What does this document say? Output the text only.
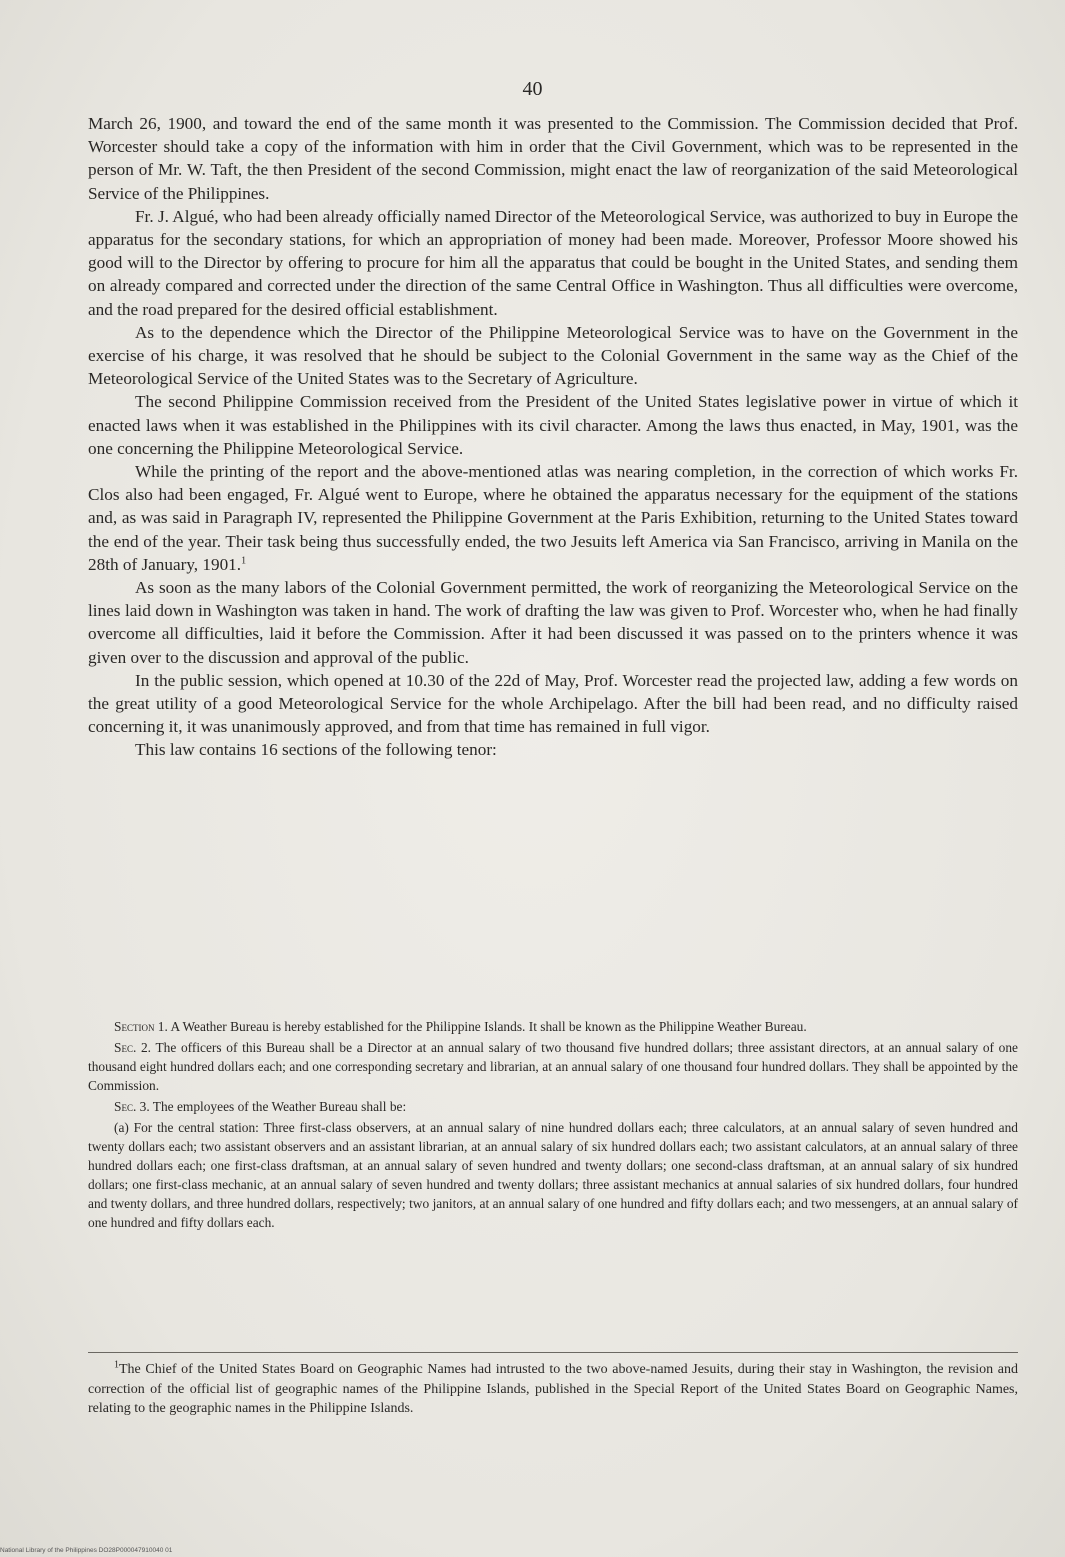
40

March 26, 1900, and toward the end of the same month it was presented to the Commission. The Commission decided that Prof. Worcester should take a copy of the information with him in order that the Civil Government, which was to be represented in the person of Mr. W. Taft, the then President of the second Commission, might enact the law of reorganization of the said Meteorological Service of the Philippines.

Fr. J. Algué, who had been already officially named Director of the Meteorological Service, was authorized to buy in Europe the apparatus for the secondary stations, for which an appropriation of money had been made. Moreover, Professor Moore showed his good will to the Director by offering to procure for him all the apparatus that could be bought in the United States, and sending them on already compared and corrected under the direction of the same Central Office in Washington. Thus all difficulties were overcome, and the road prepared for the desired official establishment.

As to the dependence which the Director of the Philippine Meteorological Service was to have on the Government in the exercise of his charge, it was resolved that he should be subject to the Colonial Government in the same way as the Chief of the Meteorological Service of the United States was to the Secretary of Agriculture.

The second Philippine Commission received from the President of the United States legislative power in virtue of which it enacted laws when it was established in the Philippines with its civil character. Among the laws thus enacted, in May, 1901, was the one concerning the Philippine Meteorological Service.

While the printing of the report and the above-mentioned atlas was nearing completion, in the correction of which works Fr. Clos also had been engaged, Fr. Algué went to Europe, where he obtained the apparatus necessary for the equipment of the stations and, as was said in Paragraph IV, represented the Philippine Government at the Paris Exhibition, returning to the United States toward the end of the year. Their task being thus successfully ended, the two Jesuits left America via San Francisco, arriving in Manila on the 28th of January, 1901.$^1$

As soon as the many labors of the Colonial Government permitted, the work of reorganizing the Meteorological Service on the lines laid down in Washington was taken in hand. The work of drafting the law was given to Prof. Worcester who, when he had finally overcome all difficulties, laid it before the Commission. After it had been discussed it was passed on to the printers whence it was given over to the discussion and approval of the public.

In the public session, which opened at 10.30 of the 22d of May, Prof. Worcester read the projected law, adding a few words on the great utility of a good Meteorological Service for the whole Archipelago. After the bill had been read, and no difficulty raised concerning it, it was unanimously approved, and from that time has remained in full vigor.

This law contains 16 sections of the following tenor:

Section 1. A Weather Bureau is hereby established for the Philippine Islands. It shall be known as the Philippine Weather Bureau.

Sec. 2. The officers of this Bureau shall be a Director at an annual salary of two thousand five hundred dollars; three assistant directors, at an annual salary of one thousand eight hundred dollars each; and one corresponding secretary and librarian, at an annual salary of one thousand four hundred dollars. They shall be appointed by the Commission.

Sec. 3. The employees of the Weather Bureau shall be:

(a) For the central station: Three first-class observers, at an annual salary of nine hundred dollars each; three calculators, at an annual salary of seven hundred and twenty dollars each; two assistant observers and an assistant librarian, at an annual salary of six hundred dollars each; two assistant calculators, at an annual salary of three hundred dollars each; one first-class draftsman, at an annual salary of seven hundred and twenty dollars; one second-class draftsman, at an annual salary of six hundred dollars; one first-class mechanic, at an annual salary of seven hundred and twenty dollars; three assistant mechanics at annual salaries of six hundred dollars, four hundred and twenty dollars, and three hundred dollars, respectively; two janitors, at an annual salary of one hundred and fifty dollars each; and two messengers, at an annual salary of one hundred and fifty dollars each.

$^1$The Chief of the United States Board on Geographic Names had intrusted to the two above-named Jesuits, during their stay in Washington, the revision and correction of the official list of geographic names of the Philippine Islands, published in the Special Report of the United States Board on Geographic Names, relating to the geographic names in the Philippine Islands.
National Library of the Philippines DO28P000047910040 01
